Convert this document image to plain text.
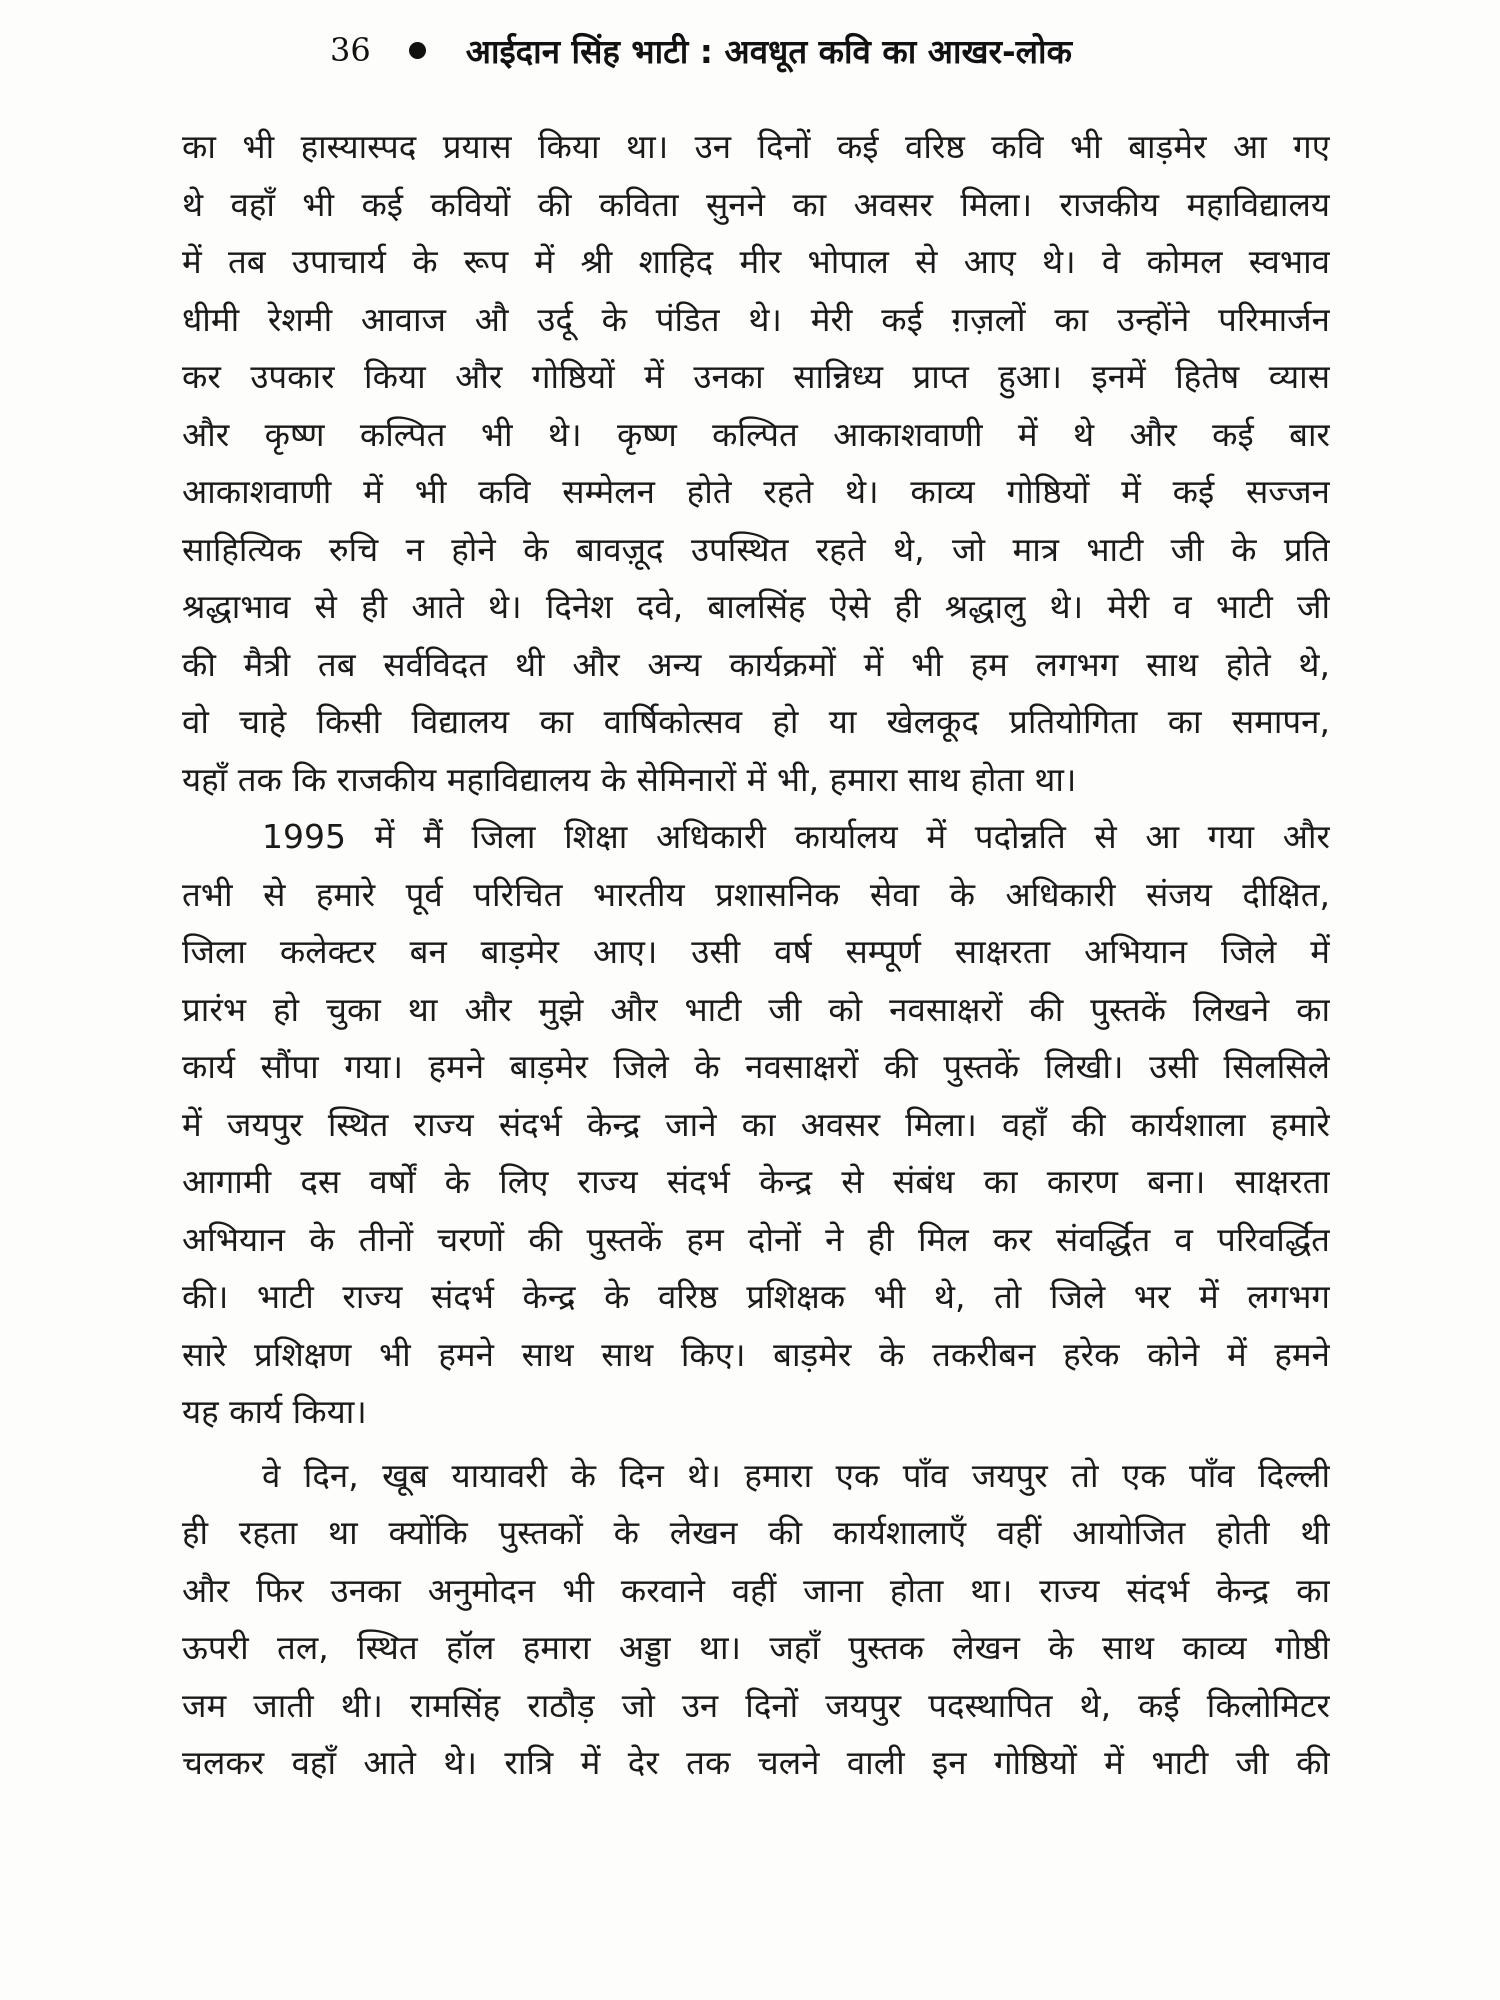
36	आईदान सिंह भाटी : अवधूत कवि का आखर-लोक
का भी हास्यास्पद प्रयास किया था। उन दिनों कई वरिष्ठ कवि भी बाड़मेर आ गए
थे वहाँ भी कई कवियों की कविता सुनने का अवसर मिला। राजकीय महाविद्यालय
में तब उपाचार्य के रूप में श्री शाहिद मीर भोपाल से आए थे। वे कोमल स्वभाव
धीमी रेशमी आवाज औ उर्दू के पंडित थे। मेरी कई ग़ज़लों का उन्होंने परिमार्जन
कर उपकार किया और गोष्ठियों में उनका सान्निध्य प्राप्त हुआ। इनमें हितेष व्यास
और कृष्ण कल्पित भी थे। कृष्ण कल्पित आकाशवाणी में थे और कई बार
आकाशवाणी में भी कवि सम्मेलन होते रहते थे। काव्य गोष्ठियों में कई सज्जन
साहित्यिक रुचि न होने के बावज़ूद उपस्थित रहते थे, जो मात्र भाटी जी के प्रति
श्रद्धाभाव से ही आते थे। दिनेश दवे, बालसिंह ऐसे ही श्रद्धालु थे। मेरी व भाटी जी
की मैत्री तब सर्वविदत थी और अन्य कार्यक्रमों में भी हम लगभग साथ होते थे,
वो चाहे किसी विद्यालय का वार्षिकोत्सव हो या खेलकूद प्रतियोगिता का समापन,
यहाँ तक कि राजकीय महाविद्यालय के सेमिनारों में भी, हमारा साथ होता था।
1995 में मैं जिला शिक्षा अधिकारी कार्यालय में पदोन्नति से आ गया और
तभी से हमारे पूर्व परिचित भारतीय प्रशासनिक सेवा के अधिकारी संजय दीक्षित,
जिला कलेक्टर बन बाड़मेर आए। उसी वर्ष सम्पूर्ण साक्षरता अभियान जिले में
प्रारंभ हो चुका था और मुझे और भाटी जी को नवसाक्षरों की पुस्तकें लिखने का
कार्य सौंपा गया। हमने बाड़मेर जिले के नवसाक्षरों की पुस्तकें लिखी। उसी सिलसिले
में जयपुर स्थित राज्य संदर्भ केन्द्र जाने का अवसर मिला। वहाँ की कार्यशाला हमारे
आगामी दस वर्षों के लिए राज्य संदर्भ केन्द्र से संबंध का कारण बना। साक्षरता
अभियान के तीनों चरणों की पुस्तकें हम दोनों ने ही मिल कर संवर्द्धित व परिवर्द्धित
की। भाटी राज्य संदर्भ केन्द्र के वरिष्ठ प्रशिक्षक भी थे, तो जिले भर में लगभग
सारे प्रशिक्षण भी हमने साथ साथ किए। बाड़मेर के तकरीबन हरेक कोने में हमने
यह कार्य किया।
वे दिन, खूब यायावरी के दिन थे। हमारा एक पाँव जयपुर तो एक पाँव दिल्ली
ही रहता था क्योंकि पुस्तकों के लेखन की कार्यशालाएँ वहीं आयोजित होती थी
और फिर उनका अनुमोदन भी करवाने वहीं जाना होता था। राज्य संदर्भ केन्द्र का
ऊपरी तल, स्थित हॉल हमारा अड्डा था। जहाँ पुस्तक लेखन के साथ काव्य गोष्ठी
जम जाती थी। रामसिंह राठौड़ जो उन दिनों जयपुर पदस्थापित थे, कई किलोमिटर
चलकर वहाँ आते थे। रात्रि में देर तक चलने वाली इन गोष्ठियों में भाटी जी की
